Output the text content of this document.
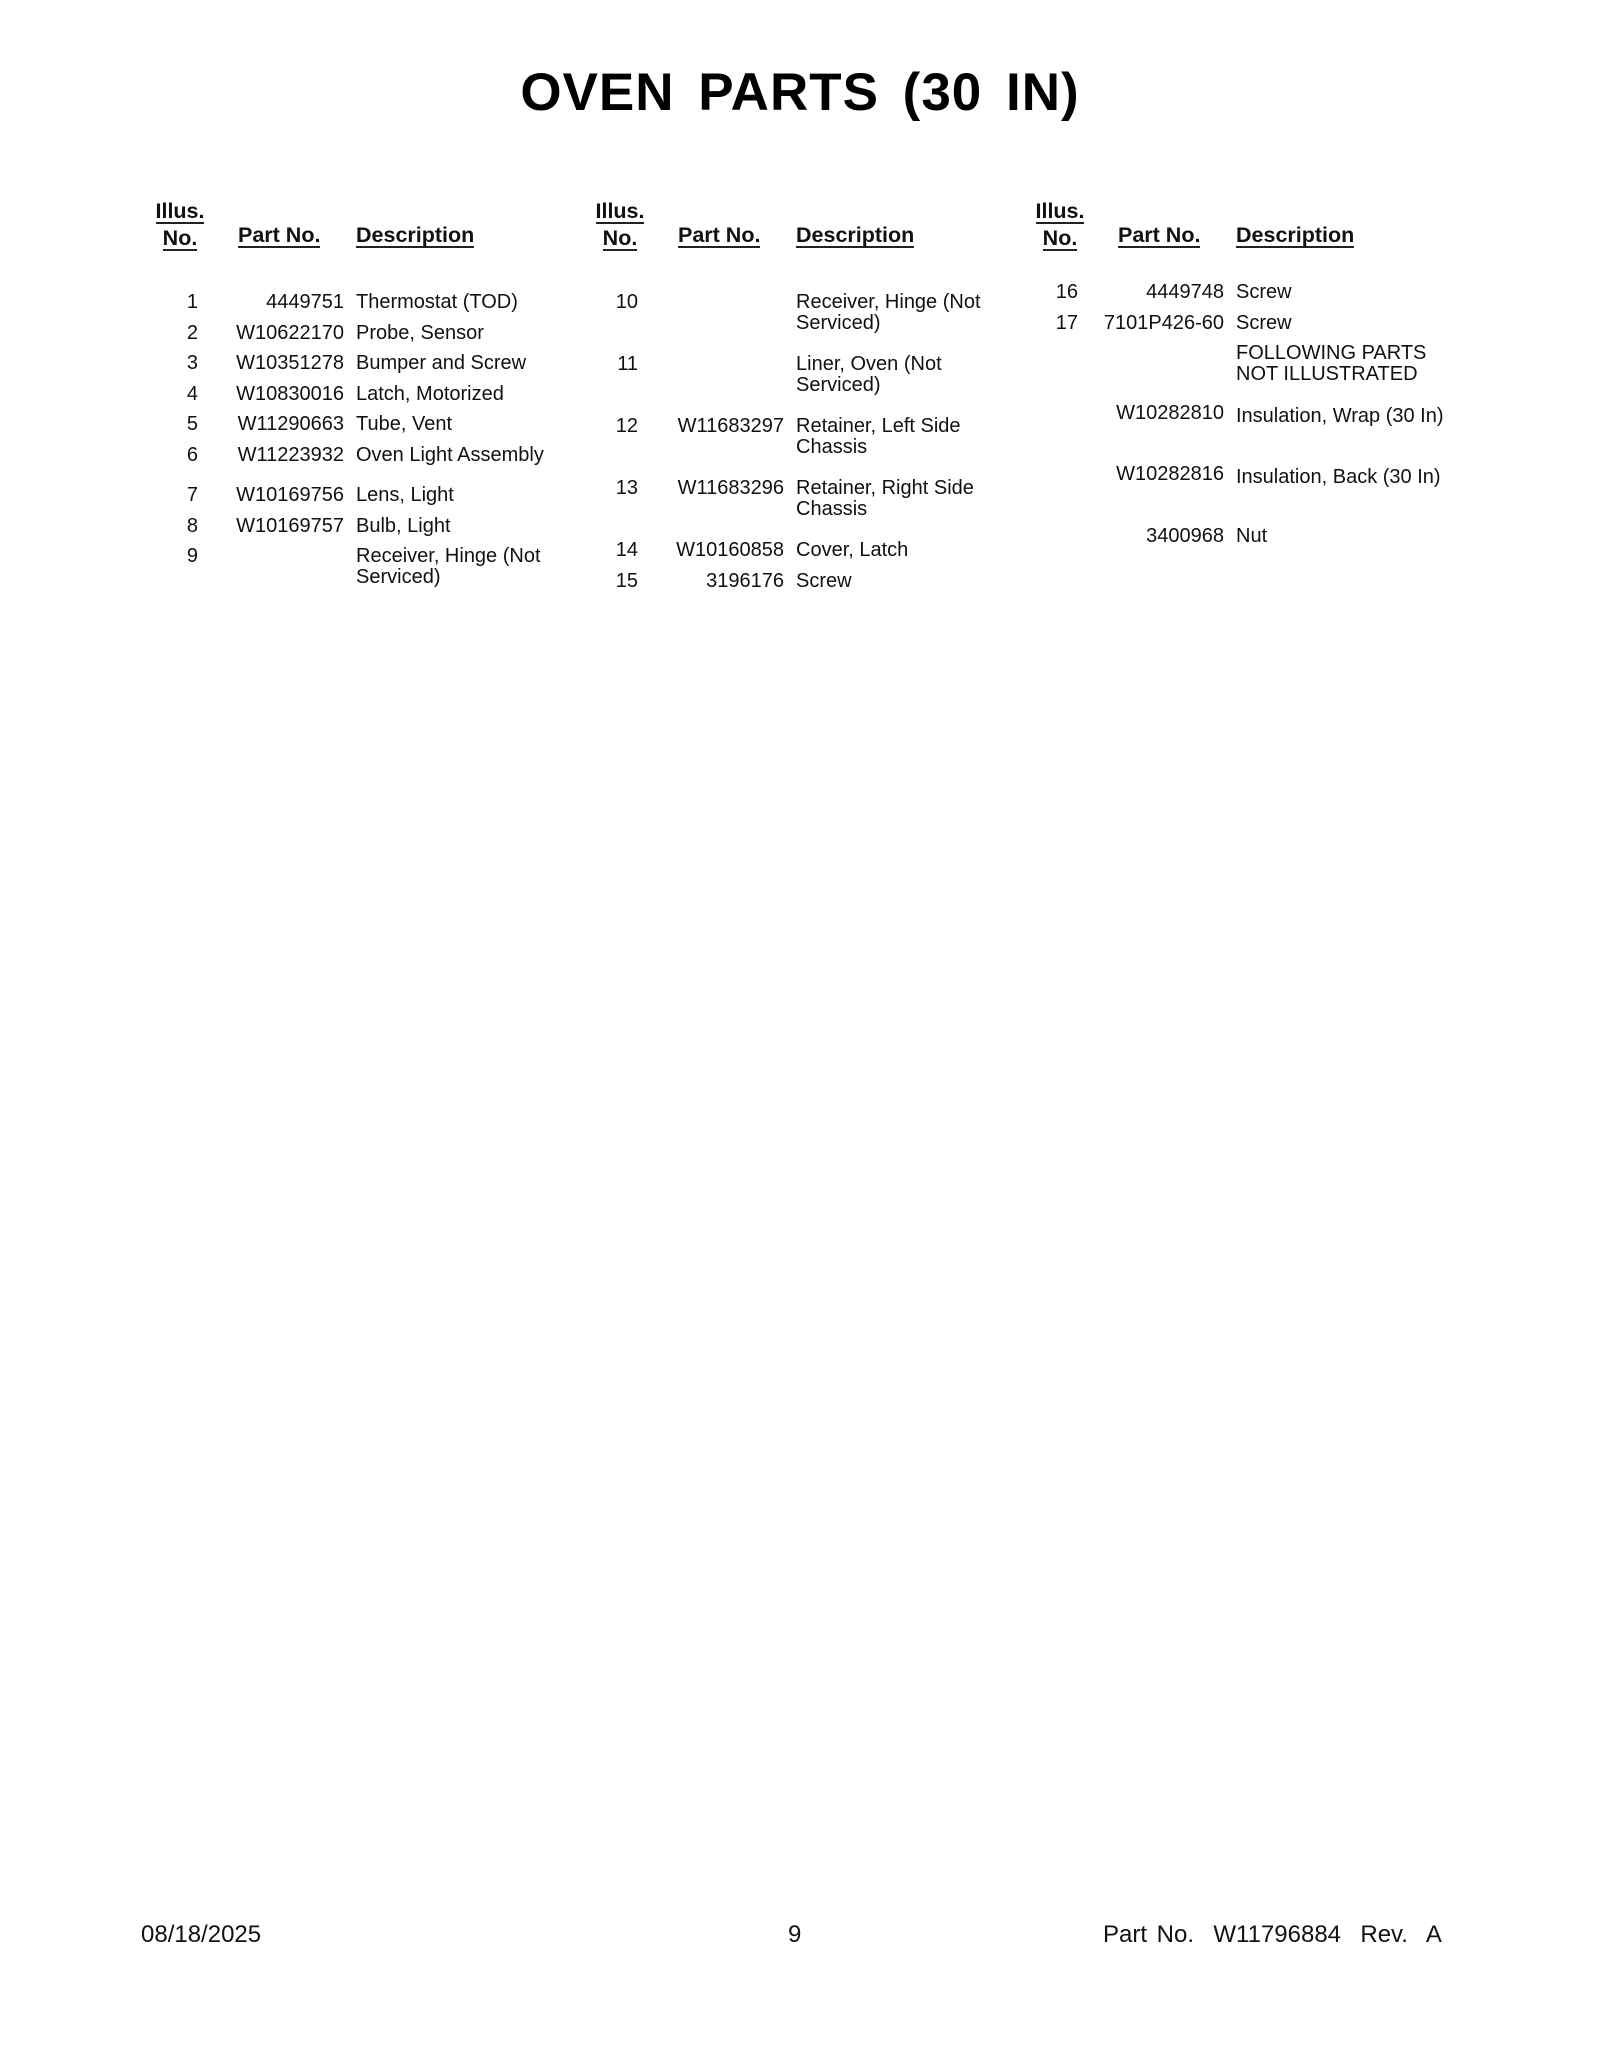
OVEN PARTS (30 IN)
Illus.
No.	Part No. Description
1	4449751 Thermostat (TOD)
2	W10622170 Probe, Sensor
3	W10351278 Bumper and Screw
4	W10830016 Latch, Motorized
5	W11290663 Tube, Vent
6	W11223932 Oven Light Assembly
7	W10169756 Lens, Light
8	W10169757 Bulb, Light
9	Receiver, Hinge (Not Serviced)
Illus.
No.	Part No. Description
10	Receiver, Hinge (Not Serviced)
11	Liner, Oven (Not Serviced)
12	W11683297 Retainer, Left Side Chassis
13	W11683296 Retainer, Right Side Chassis
14	W10160858 Cover, Latch
15	3196176 Screw
Illus.
No.	Part No. Description
16	4449748 Screw
17	7101P426-60 Screw
FOLLOWING PARTS NOT ILLUSTRATED
W10282810 Insulation, Wrap (30 In)
W10282816 Insulation, Back (30 In)
3400968 Nut
08/18/2025	9	Part No.  W11796884  Rev.  A
